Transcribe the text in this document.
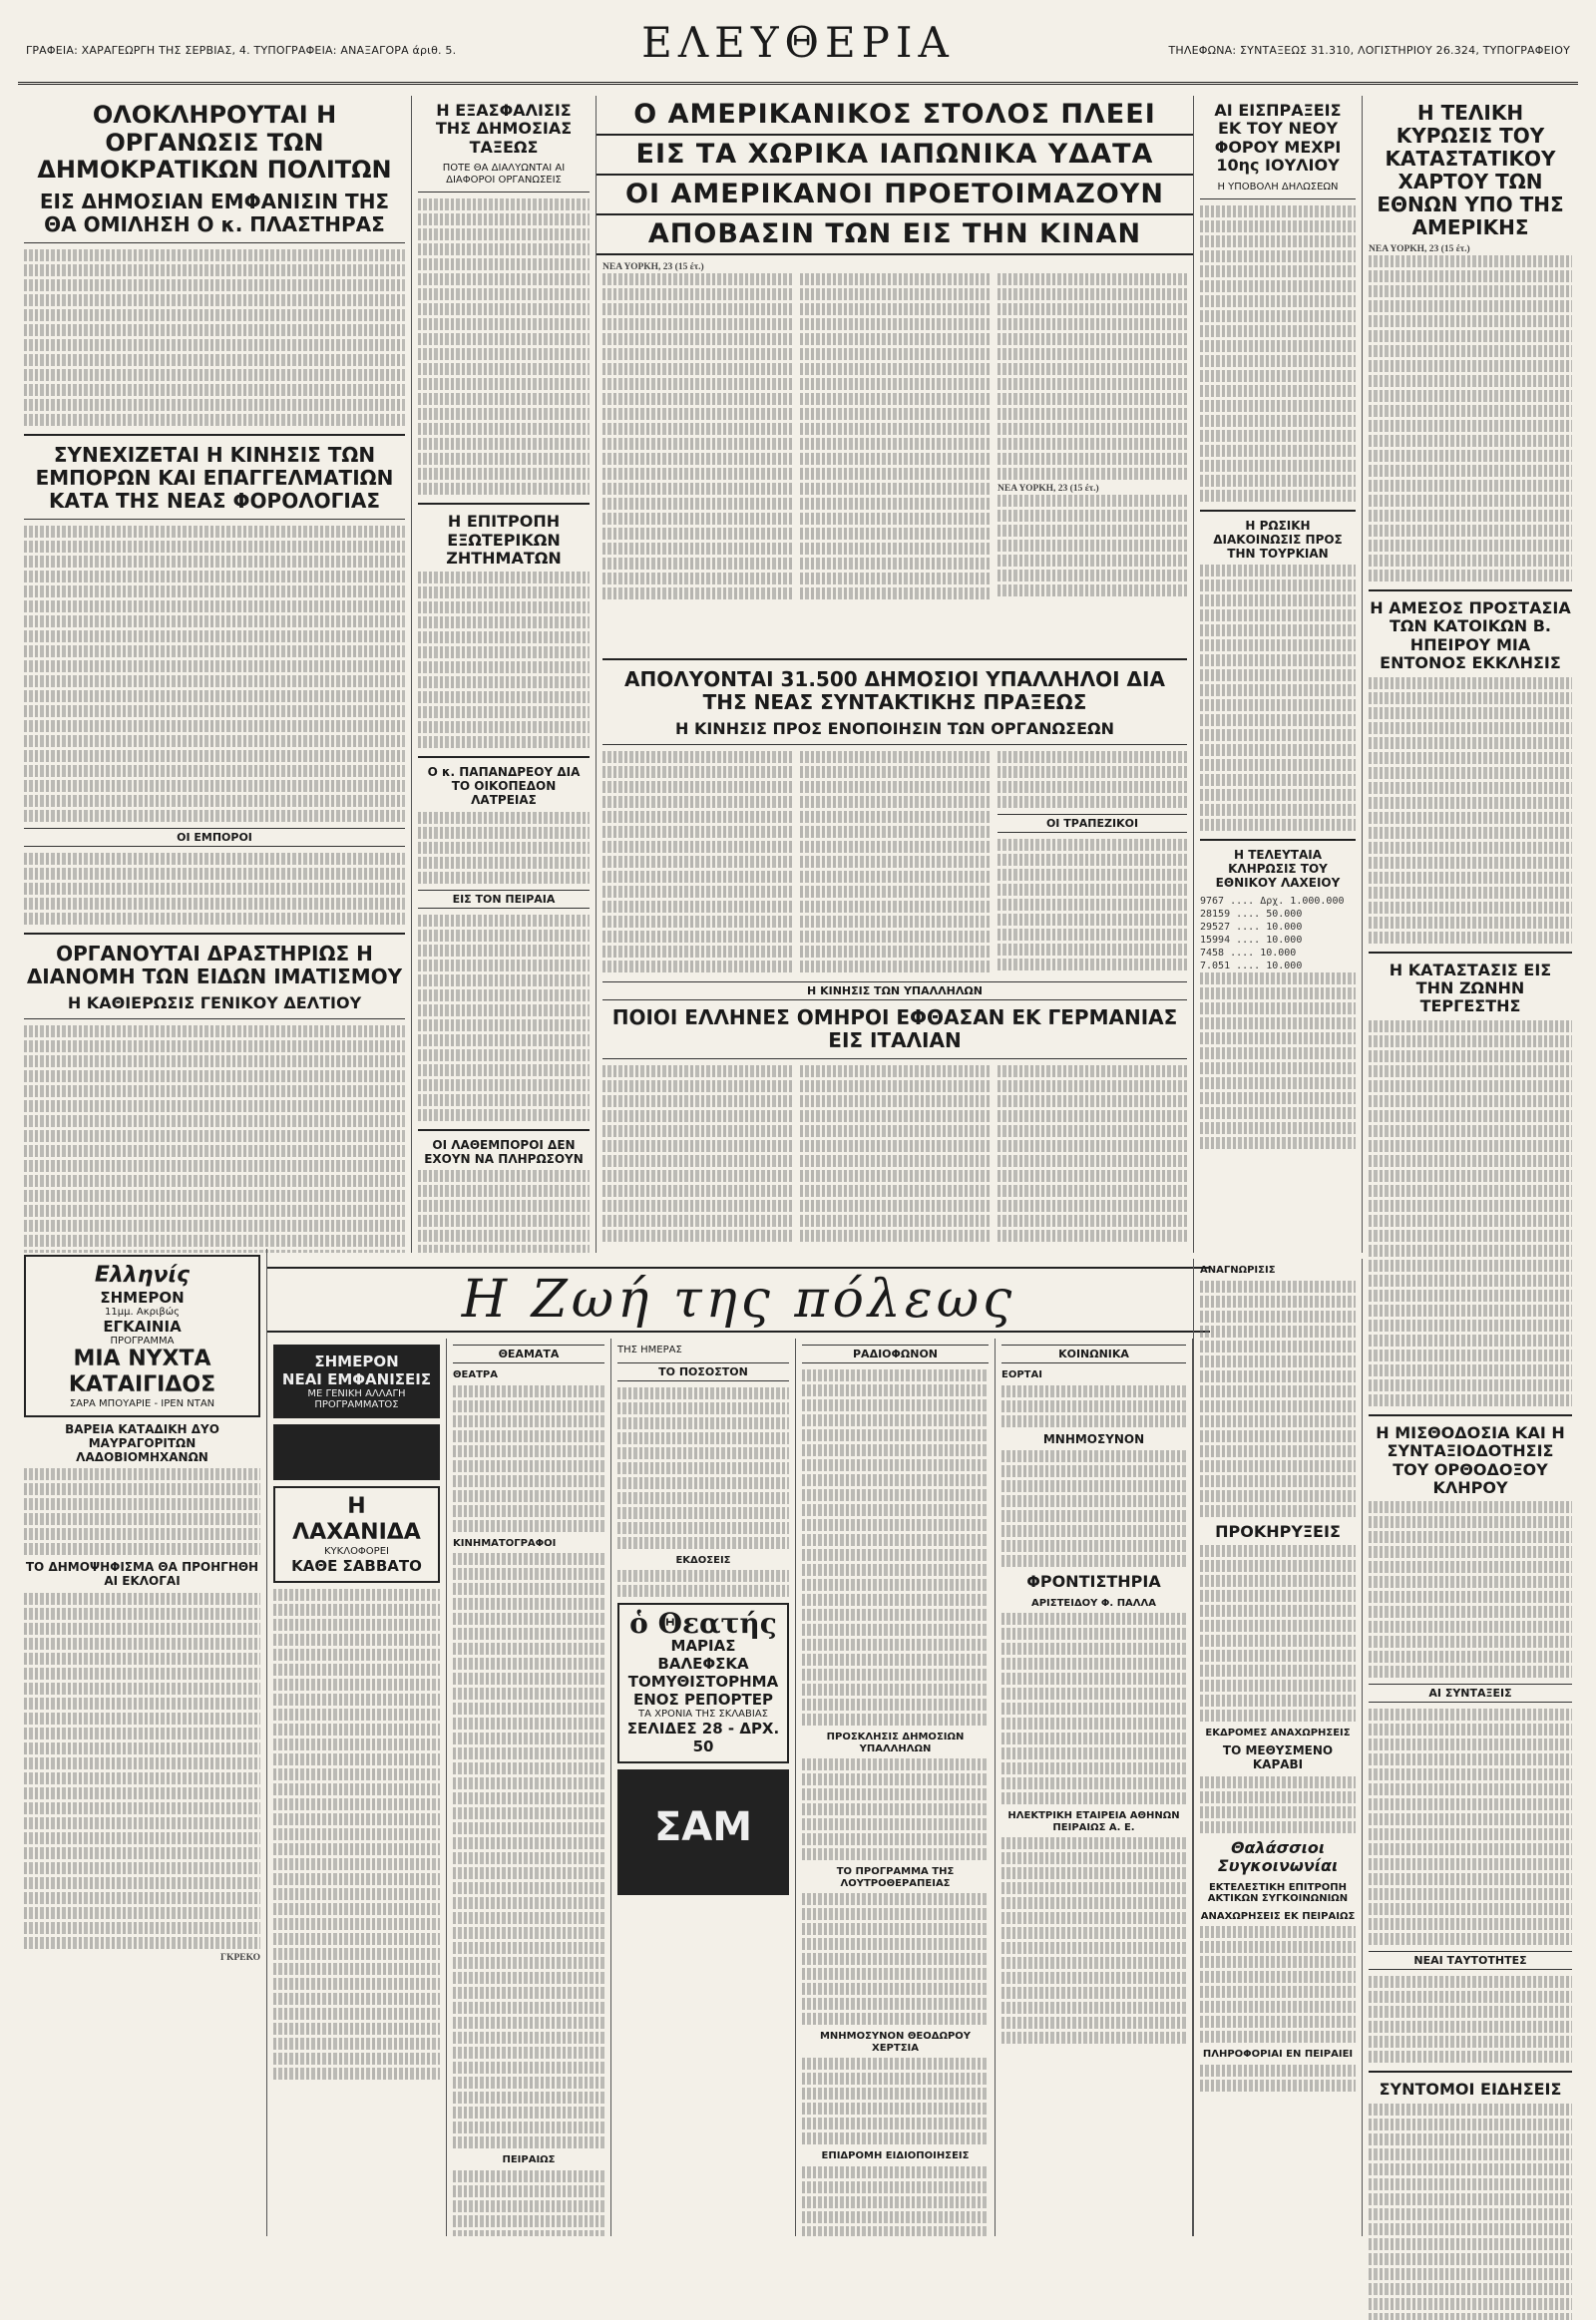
ΓΡΑΦΕΙΑ: ΧΑΡΑΓΕΩΡΓΗ ΤΗΣ ΣΕΡΒΙΑΣ, 4. ΤΥΠΟΓΡΑΦΕΙΑ: ΑΝΑΞΑΓΟΡΑ άριθ. 5.	ΕΛΕΥΘΕΡΙΑ	ΤΗΛΕΦΩΝΑ: ΣΥΝΤΑΞΕΩΣ 31.310, ΛΟΓΙΣΤΗΡΙΟΥ 26.324, ΤΥΠΟΓΡΑΦΕΙΟΥ
ΟΛΟΚΛΗΡΟΥΤΑΙ Η ΟΡΓΑΝΩΣΙΣ ΤΩΝ ΔΗΜΟΚΡΑΤΙΚΩΝ ΠΟΛΙΤΩΝ
ΕΙΣ ΔΗΜΟΣΙΑΝ ΕΜΦΑΝΙΣΙΝ ΤΗΣ ΘΑ ΟΜΙΛΗΣΗ Ο κ. ΠΛΑΣΤΗΡΑΣ
ΣΥΝΕΧΙΖΕΤΑΙ Η ΚΙΝΗΣΙΣ ΤΩΝ ΕΜΠΟΡΩΝ ΚΑΙ ΕΠΑΓΓΕΛΜΑΤΙΩΝ ΚΑΤΑ ΤΗΣ ΝΕΑΣ ΦΟΡΟΛΟΓΙΑΣ
ΟΙ ΕΜΠΟΡΟΙ
ΟΡΓΑΝΟΥΤΑΙ ΔΡΑΣΤΗΡΙΩΣ Η ΔΙΑΝΟΜΗ ΤΩΝ ΕΙΔΩΝ ΙΜΑΤΙΣΜΟΥ
Η ΚΑΘΙΕΡΩΣΙΣ ΓΕΝΙΚΟΥ ΔΕΛΤΙΟΥ
Η ΕΞΑΣΦΑΛΙΣΙΣ ΤΗΣ ΔΗΜΟΣΙΑΣ ΤΑΞΕΩΣ
ΠΟΤΕ ΘΑ ΔΙΑΛΥΩΝΤΑΙ ΑΙ ΔΙΑΦΟΡΟΙ ΟΡΓΑΝΩΣΕΙΣ
Η ΕΠΙΤΡΟΠΗ ΕΞΩΤΕΡΙΚΩΝ ΖΗΤΗΜΑΤΩΝ
Ο κ. ΠΑΠΑΝΔΡΕΟΥ ΔΙΑ ΤΟ ΟΙΚΟΠΕΔΟΝ ΛΑΤΡΕΙΑΣ
ΕΙΣ ΤΟΝ ΠΕΙΡΑΙΑ
ΟΙ ΛΑΘΕΜΠΟΡΟΙ ΔΕΝ ΕΧΟΥΝ ΝΑ ΠΛΗΡΩΣΟΥΝ
Ο ΑΜΕΡΙΚΑΝΙΚΟΣ ΣΤΟΛΟΣ ΠΛΕΕΙ
ΕΙΣ ΤΑ ΧΩΡΙΚΑ ΙΑΠΩΝΙΚΑ ΥΔΑΤΑ
ΟΙ ΑΜΕΡΙΚΑΝΟΙ ΠΡΟΕΤΟΙΜΑΖΟΥΝ
ΑΠΟΒΑΣΙΝ ΤΩΝ ΕΙΣ ΤΗΝ ΚΙΝΑΝ
ΝΕΑ ΥΟΡΚΗ, 23 (15 έτ.)
ΝΕΑ ΥΟΡΚΗ, 23 (15 έτ.)
ΑΠΟΛΥΟΝΤΑΙ 31.500 ΔΗΜΟΣΙΟΙ ΥΠΑΛΛΗΛΟΙ ΔΙΑ ΤΗΣ ΝΕΑΣ ΣΥΝΤΑΚΤΙΚΗΣ ΠΡΑΞΕΩΣ
Η ΚΙΝΗΣΙΣ ΠΡΟΣ ΕΝΟΠΟΙΗΣΙΝ ΤΩΝ ΟΡΓΑΝΩΣΕΩΝ
ΟΙ ΤΡΑΠΕΖΙΚΟΙ
Η ΚΙΝΗΣΙΣ ΤΩΝ ΥΠΑΛΛΗΛΩΝ
ΠΟΙΟΙ ΕΛΛΗΝΕΣ ΟΜΗΡΟΙ ΕΦΘΑΣΑΝ ΕΚ ΓΕΡΜΑΝΙΑΣ ΕΙΣ ΙΤΑΛΙΑΝ
ΑΙ ΕΙΣΠΡΑΞΕΙΣ ΕΚ ΤΟΥ ΝΕΟΥ ΦΟΡΟΥ ΜΕΧΡΙ 10ης ΙΟΥΛΙΟΥ
Η ΥΠΟΒΟΛΗ ΔΗΛΩΣΕΩΝ
Η ΡΩΣΙΚΗ ΔΙΑΚΟΙΝΩΣΙΣ ΠΡΟΣ ΤΗΝ ΤΟΥΡΚΙΑΝ
Η ΤΕΛΕΥΤΑΙΑ ΚΛΗΡΩΣΙΣ ΤΟΥ ΕΘΝΙΚΟΥ ΛΑΧΕΙΟΥ
9767 .... Δρχ. 1.000.000
28159 .... 50.000
29527 .... 10.000
15994 .... 10.000
7458 .... 10.000
7.051 .... 10.000
Η ΤΕΛΙΚΗ ΚΥΡΩΣΙΣ ΤΟΥ ΚΑΤΑΣΤΑΤΙΚΟΥ ΧΑΡΤΟΥ ΤΩΝ ΕΘΝΩΝ ΥΠΟ ΤΗΣ ΑΜΕΡΙΚΗΣ
ΝΕΑ ΥΟΡΚΗ, 23 (15 έτ.)
Η ΑΜΕΣΟΣ ΠΡΟΣΤΑΣΙΑ ΤΩΝ ΚΑΤΟΙΚΩΝ Β. ΗΠΕΙΡΟΥ ΜΙΑ ΕΝΤΟΝΟΣ ΕΚΚΛΗΣΙΣ
Η ΚΑΤΑΣΤΑΣΙΣ ΕΙΣ ΤΗΝ ΖΩΝΗΝ ΤΕΡΓΕΣΤΗΣ
Η ΜΙΣΘΟΔΟΣΙΑ ΚΑΙ Η ΣΥΝΤΑΞΙΟΔΟΤΗΣΙΣ ΤΟΥ ΟΡΘΟΔΟΞΟΥ ΚΛΗΡΟΥ
ΑΙ ΣΥΝΤΑΞΕΙΣ
ΝΕΑΙ ΤΑΥΤΟΤΗΤΕΣ
ΣΥΝΤΟΜΟΙ ΕΙΔΗΣΕΙΣ
Η Ζωή της πόλεως
Ελληνίς
ΣΗΜΕΡΟΝ
11μμ. Ακριβώς
ΕΓΚΑΙΝΙΑ
ΠΡΟΓΡΑΜΜΑ
ΜΙΑ ΝΥΧΤΑ ΚΑΤΑΙΓΙΔΟΣ
ΣΑΡΑ ΜΠΟΥΑΡΙΕ - ΙΡΕΝ ΝΤΑΝ
ΒΑΡΕΙΑ ΚΑΤΑΔΙΚΗ ΔΥΟ ΜΑΥΡΑΓΟΡΙΤΩΝ ΛΑΔΟΒΙΟΜΗΧΑΝΩΝ
ΤΟ ΔΗΜΟΨΗΦΙΣΜΑ ΘΑ ΠΡΟΗΓΗΘΗ ΑΙ ΕΚΛΟΓΑΙ
ΓΚΡΕΚΟ
ΣΗΜΕΡΟΝ
ΝΕΑΙ ΕΜΦΑΝΙΣΕΙΣ
ΜΕ ΓΕΝΙΚΗ ΑΛΛΑΓΗ ΠΡΟΓΡΑΜΜΑΤΟΣ
Η ΛΑΧΑΝΙΔΑ
ΚΥΚΛΟΦΟΡΕΙ
ΚΑΘΕ ΣΑΒΒΑΤΟ
ΘΕΑΜΑΤΑ
ΘΕΑΤΡΑ
ΚΙΝΗΜΑΤΟΓΡΑΦΟΙ
ΠΕΙΡΑΙΩΣ
ΤΗΣ ΗΜΕΡΑΣ
ΤΟ ΠΟΣΟΣΤΟΝ
ΕΚΔΟΣΕΙΣ
ὁ Θεατής
ΜΑΡΙΑΣ ΒΑΛΕΦΣΚΑ
ΤΟΜΥΘΙΣΤΟΡΗΜΑ ΕΝΟΣ ΡΕΠΟΡΤΕΡ
ΤΑ ΧΡΟΝΙΑ ΤΗΣ ΣΚΛΑΒΙΑΣ
ΣΕΛΙΔΕΣ 28 - ΔΡΧ. 50
ΣΑΜ
ΡΑΔΙΟΦΩΝΟΝ
ΠΡΟΣΚΛΗΣΙΣ ΔΗΜΟΣΙΩΝ ΥΠΑΛΛΗΛΩΝ
ΤΟ ΠΡΟΓΡΑΜΜΑ ΤΗΣ ΛΟΥΤΡΟΘΕΡΑΠΕΙΑΣ
ΜΝΗΜΟΣΥΝΟΝ ΘΕΟΔΩΡΟΥ ΧΕΡΤΣΙΑ
ΕΠΙΔΡΟΜΗ ΕΙΔΙΟΠΟΙΗΣΕΙΣ
ΚΟΙΝΩΝΙΚΑ
ΕΟΡΤΑΙ
ΜΝΗΜΟΣΥΝΟΝ
ΦΡΟΝΤΙΣΤΗΡΙΑ
ΑΡΙΣΤΕΙΔΟΥ Φ. ΠΑΛΛΑ
ΗΛΕΚΤΡΙΚΗ ΕΤΑΙΡΕΙΑ ΑΘΗΝΩΝ ΠΕΙΡΑΙΩΣ Α. Ε.
ΑΝΑΓΝΩΡΙΣΙΣ
ΠΡΟΚΗΡΥΞΕΙΣ
ΕΚΔΡΟΜΕΣ ΑΝΑΧΩΡΗΣΕΙΣ
ΤΟ ΜΕΘΥΣΜΕΝΟ ΚΑΡΑΒΙ
Θαλάσσιοι Συγκοινωνίαι
ΕΚΤΕΛΕΣΤΙΚΗ ΕΠΙΤΡΟΠΗ ΑΚΤΙΚΩΝ ΣΥΓΚΟΙΝΩΝΙΩΝ
ΑΝΑΧΩΡΗΣΕΙΣ ΕΚ ΠΕΙΡΑΙΩΣ
ΠΛΗΡΟΦΟΡΙΑΙ ΕΝ ΠΕΙΡΑΙΕΙ
